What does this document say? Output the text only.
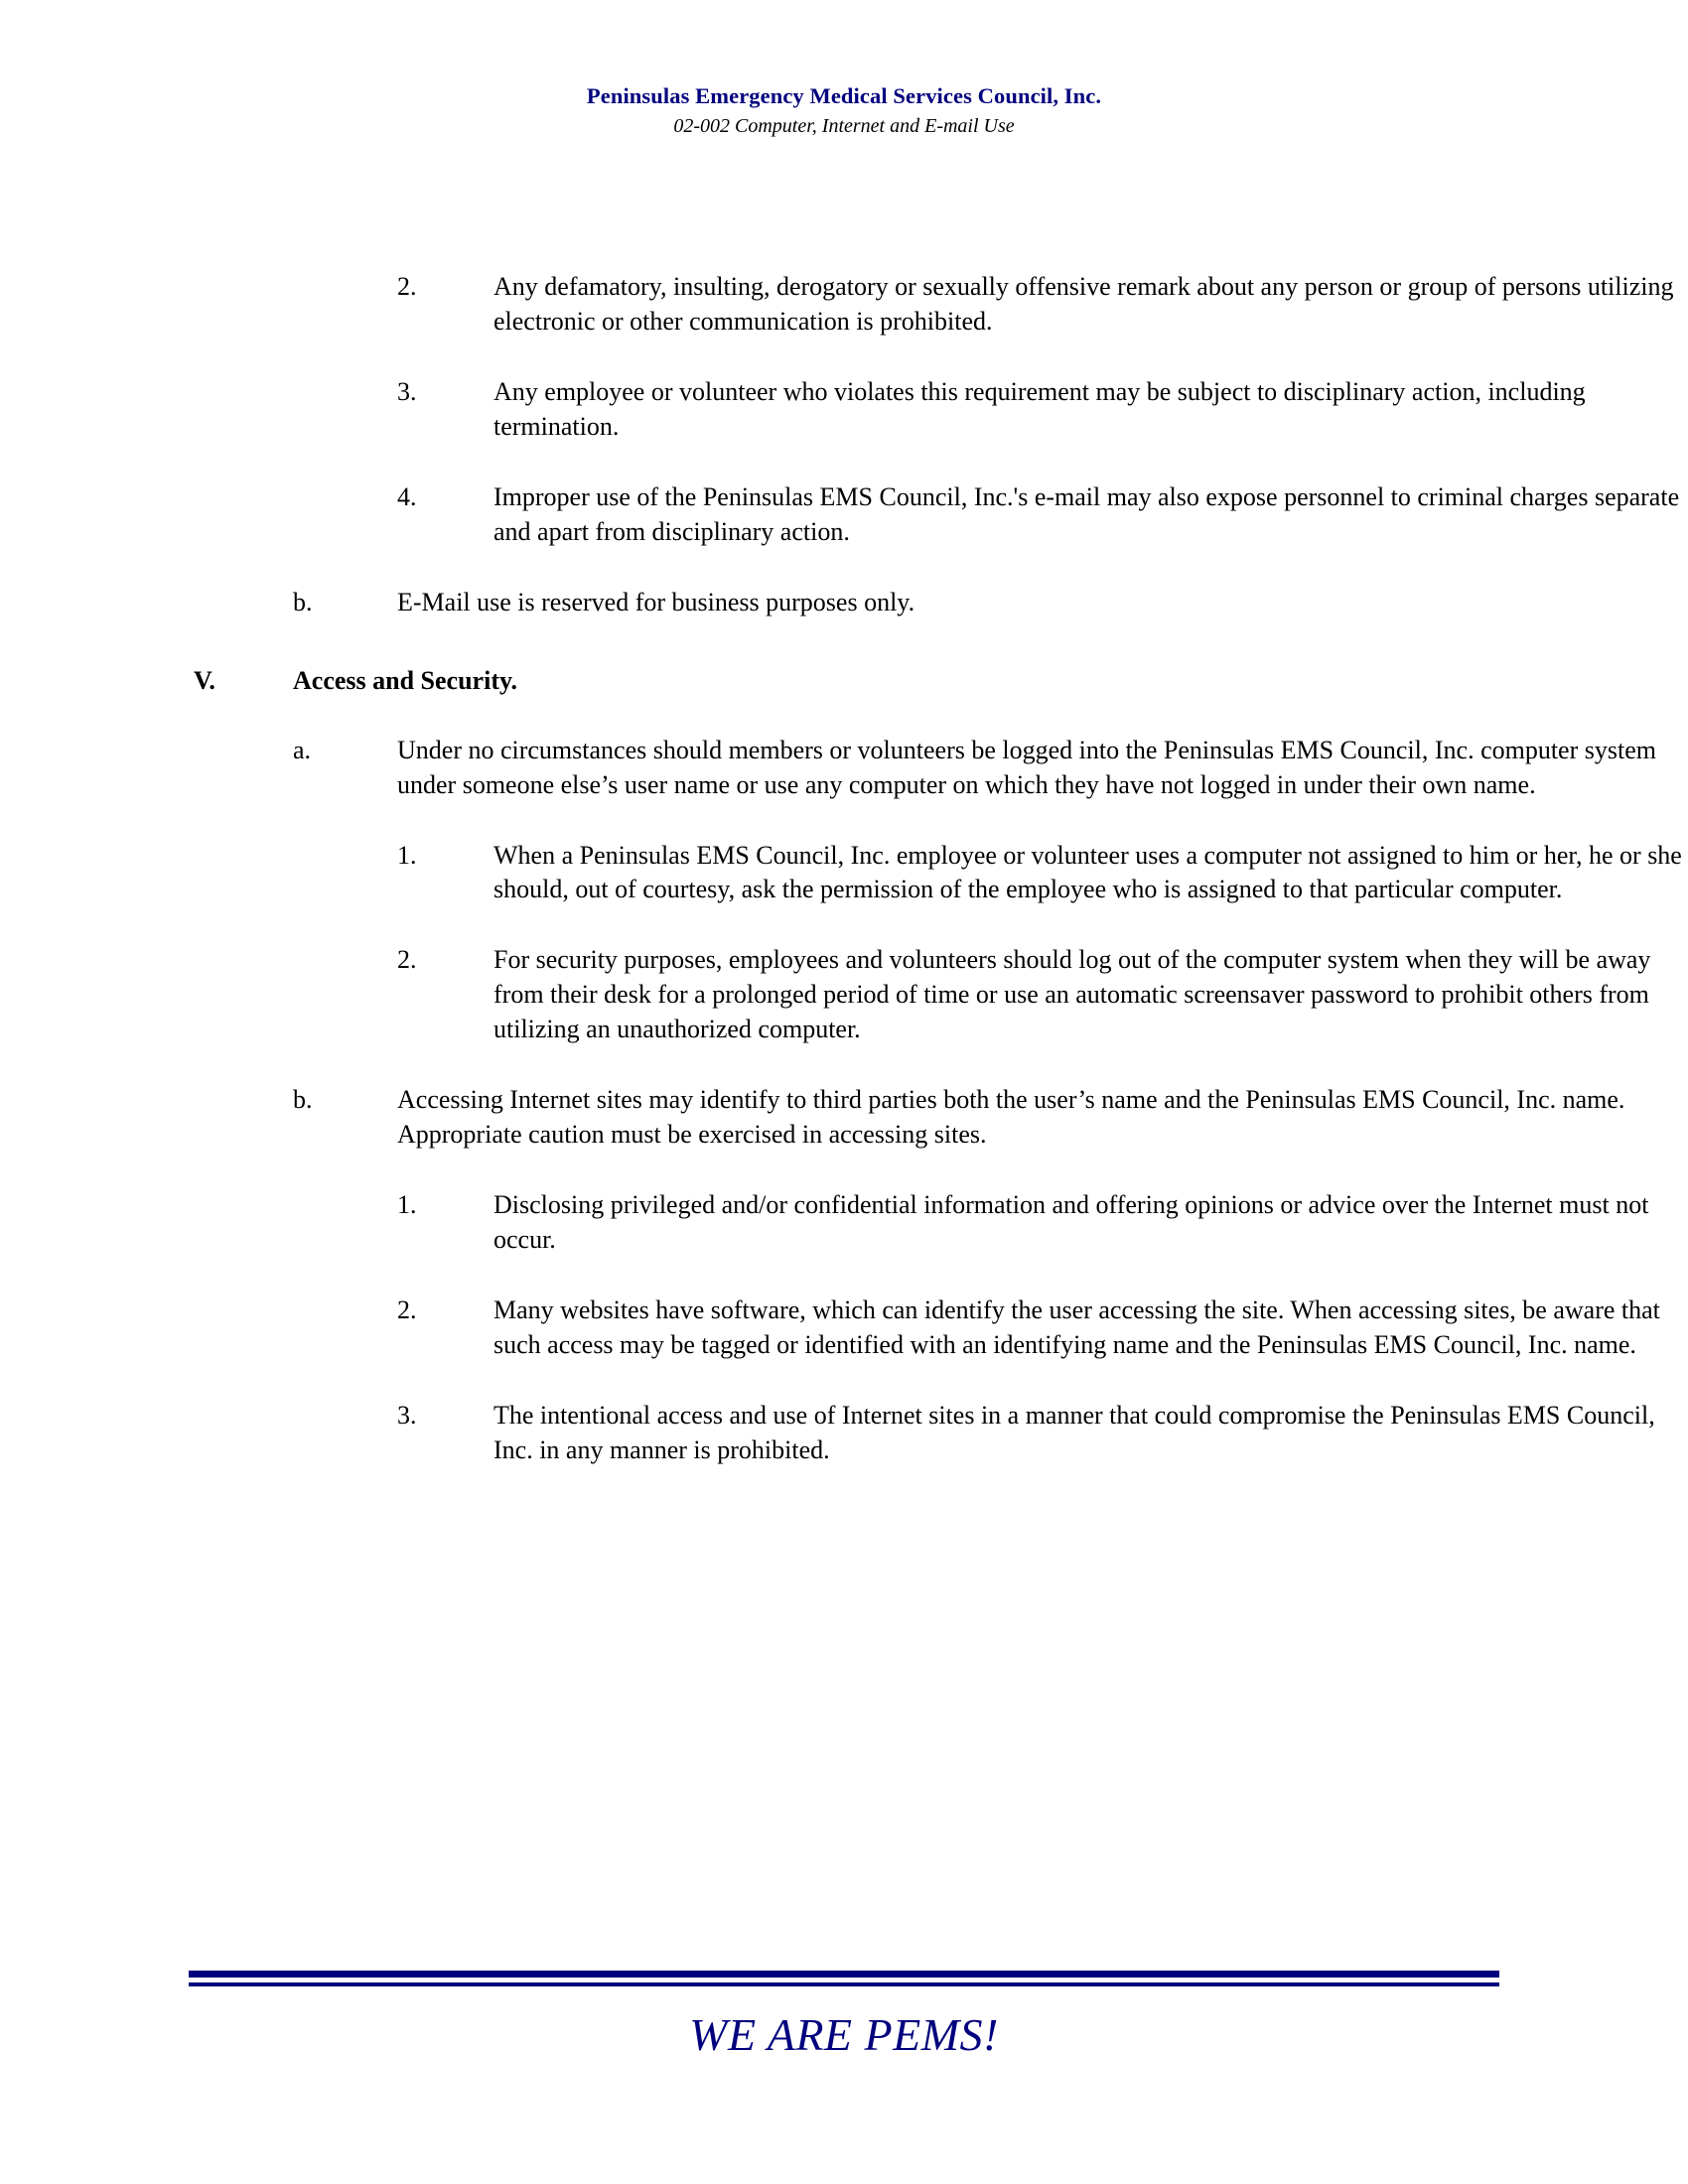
Peninsulas Emergency Medical Services Council, Inc.
02-002 Computer, Internet and E-mail Use
2.	Any defamatory, insulting, derogatory or sexually offensive remark about any person or group of persons utilizing electronic or other communication is prohibited.
3.	Any employee or volunteer who violates this requirement may be subject to disciplinary action, including termination.
4.	Improper use of the Peninsulas EMS Council, Inc.'s e-mail may also expose personnel to criminal charges separate and apart from disciplinary action.
b.	E-Mail use is reserved for business purposes only.
V.	Access and Security.
a.	Under no circumstances should members or volunteers be logged into the Peninsulas EMS Council, Inc. computer system under someone else’s user name or use any computer on which they have not logged in under their own name.
1.	When a Peninsulas EMS Council, Inc. employee or volunteer uses a computer not assigned to him or her, he or she should, out of courtesy, ask the permission of the employee who is assigned to that particular computer.
2.	For security purposes, employees and volunteers should log out of the computer system when they will be away from their desk for a prolonged period of time or use an automatic screensaver password to prohibit others from utilizing an unauthorized computer.
b.	Accessing Internet sites may identify to third parties both the user’s name and the Peninsulas EMS Council, Inc. name. Appropriate caution must be exercised in accessing sites.
1.	Disclosing privileged and/or confidential information and offering opinions or advice over the Internet must not occur.
2.	Many websites have software, which can identify the user accessing the site. When accessing sites, be aware that such access may be tagged or identified with an identifying name and the Peninsulas EMS Council, Inc. name.
3.	The intentional access and use of Internet sites in a manner that could compromise the Peninsulas EMS Council, Inc. in any manner is prohibited.
WE ARE PEMS!
